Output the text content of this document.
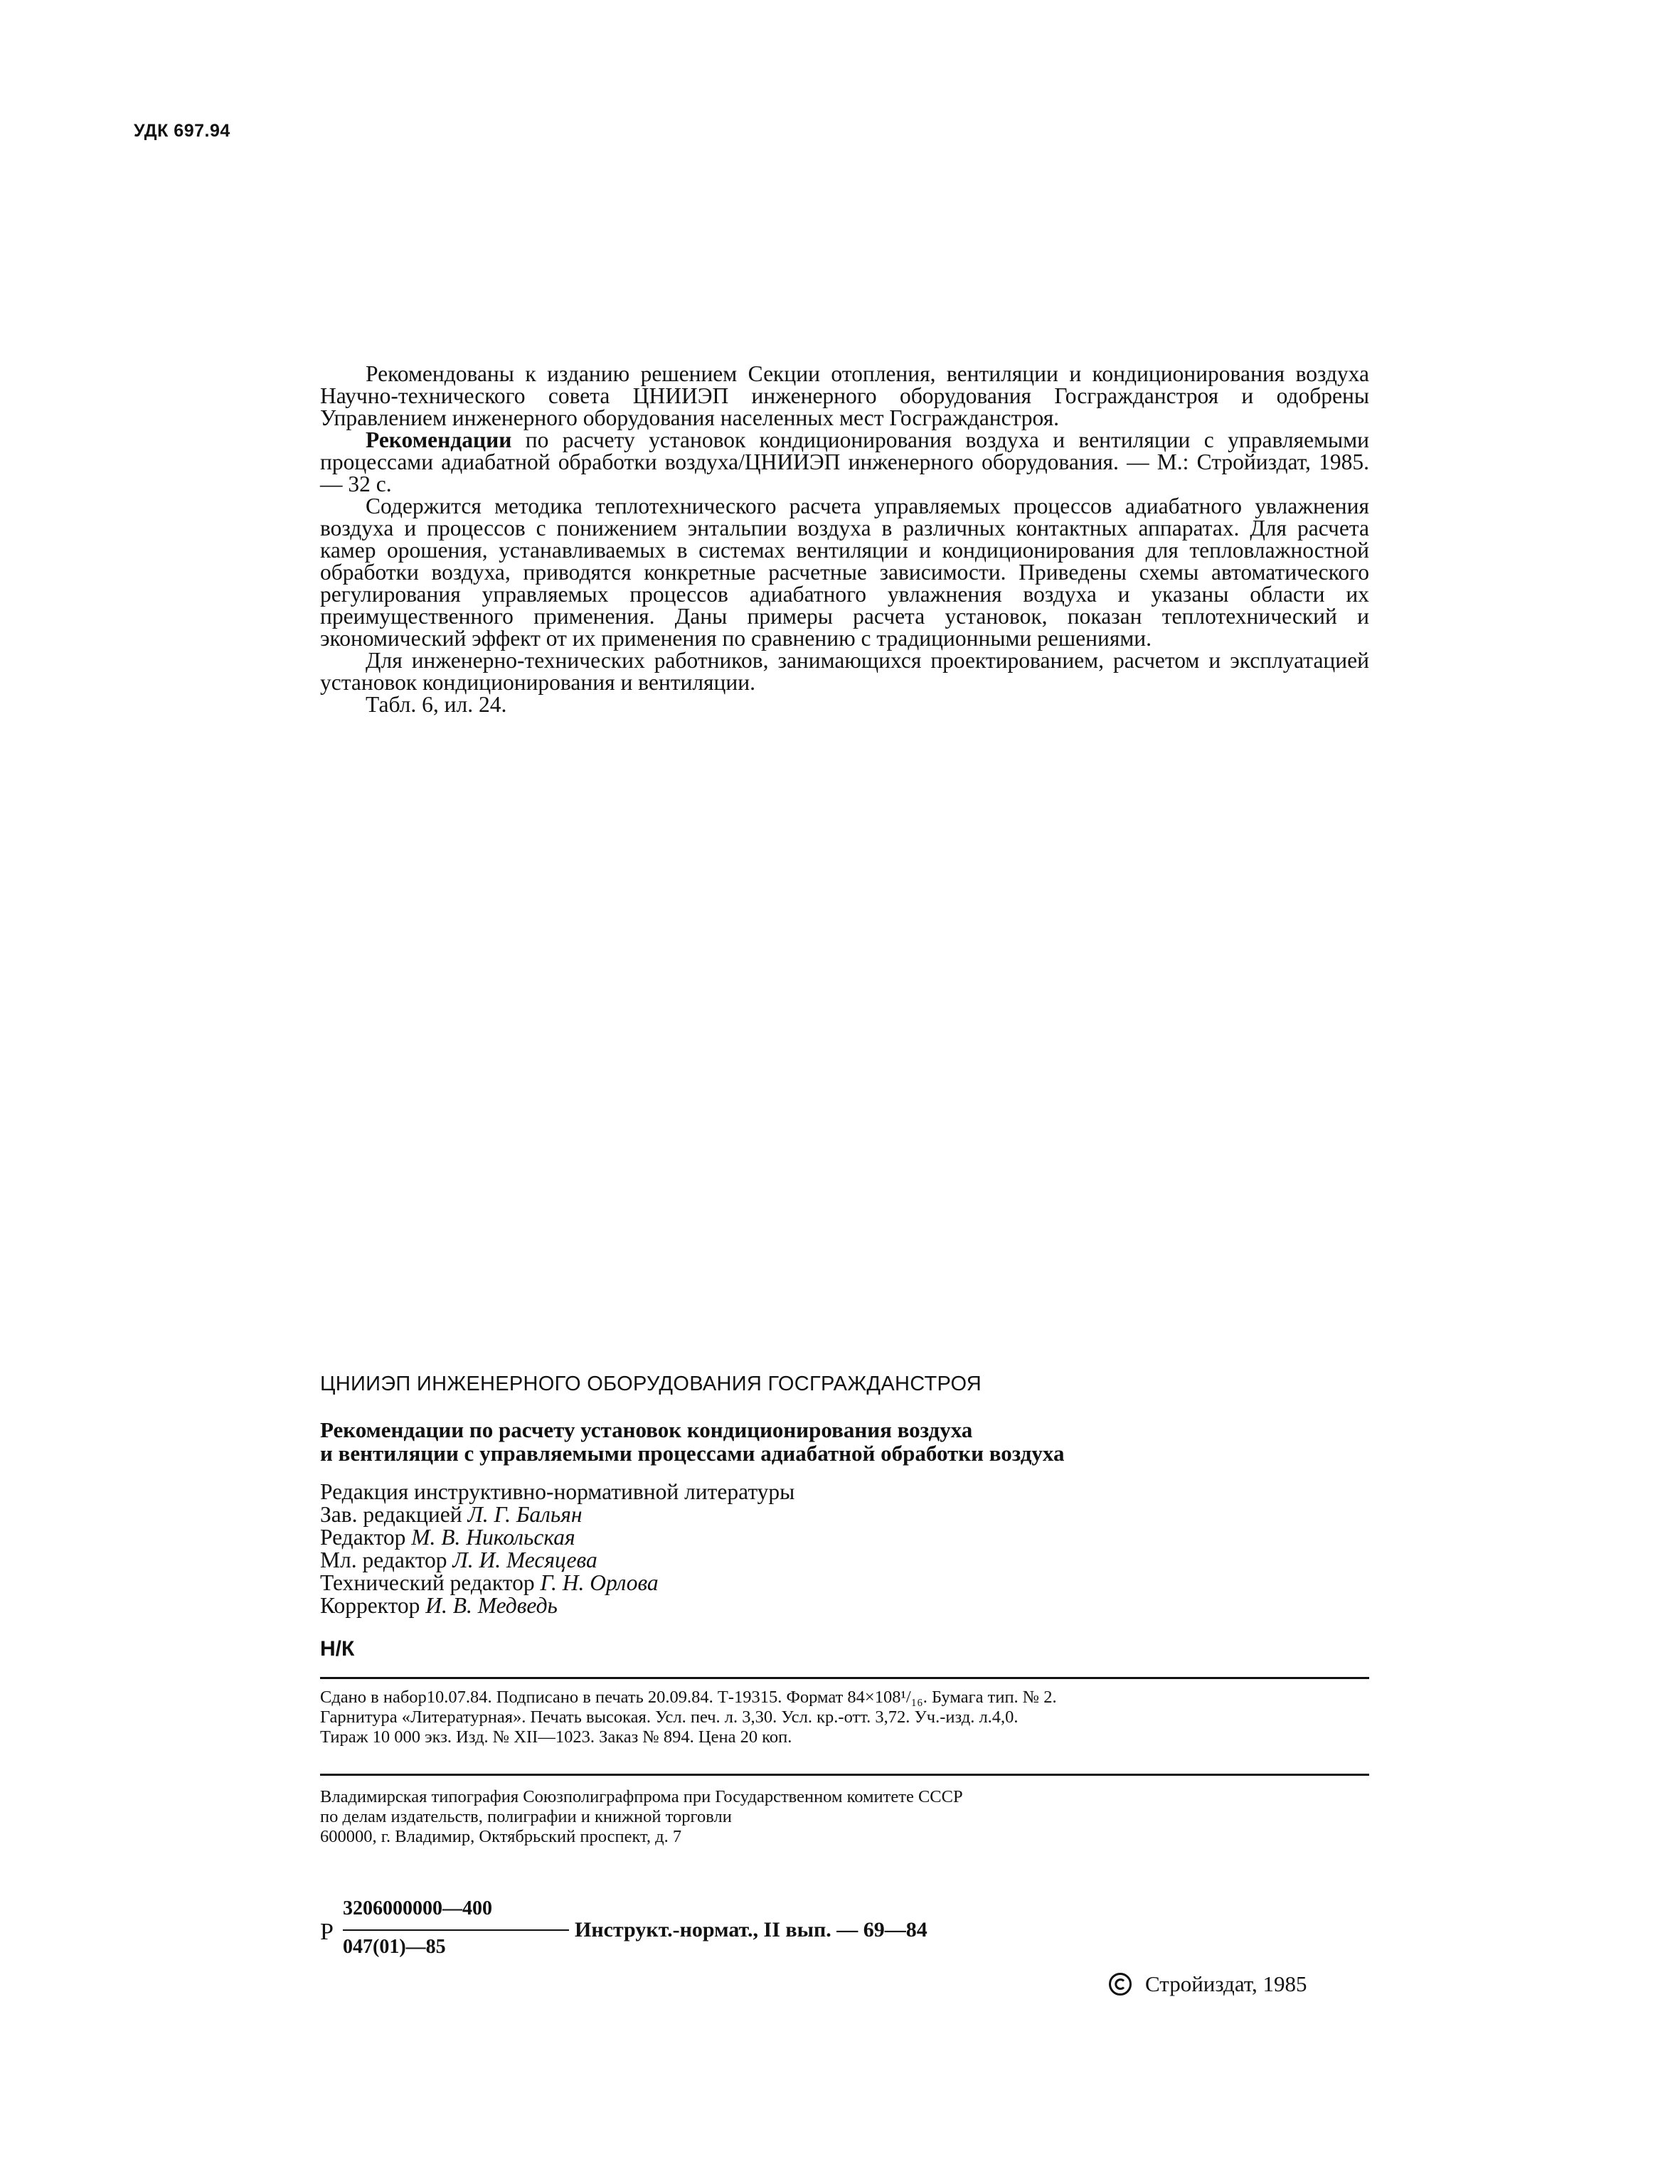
УДК 697.94

Рекомендованы к изданию решением Секции отопления, вентиляции и кондиционирования воздуха Научно-технического совета ЦНИИЭП инженерного оборудования Госгражданстроя и одобрены Управлением инженерного оборудования населенных мест Госгражданстроя.

Рекомендации по расчету установок кондиционирования воздуха и вентиляции с управляемыми процессами адиабатной обработки воздуха/ЦНИИЭП инженерного оборудования. — М.: Стройиздат, 1985. — 32 с.

Содержится методика теплотехнического расчета управляемых процессов адиабатного увлажнения воздуха и процессов с понижением энтальпии воздуха в различных контактных аппаратах. Для расчета камер орошения, устанавливаемых в системах вентиляции и кондиционирования для тепловлажностной обработки воздуха, приводятся конкретные расчетные зависимости. Приведены схемы автоматического регулирования управляемых процессов адиабатного увлажнения воздуха и указаны области их преимущественного применения. Даны примеры расчета установок, показан теплотехнический и экономический эффект от их применения по сравнению с традиционными решениями.

Для инженерно-технических работников, занимающихся проектированием, расчетом и эксплуатацией установок кондиционирования и вентиляции.

Табл. 6, ил. 24.

ЦНИИЭП ИНЖЕНЕРНОГО ОБОРУДОВАНИЯ ГОСГРАЖДАНСТРОЯ
Рекомендации по расчету установок кондиционирования воздуха
и вентиляции с управляемыми процессами адиабатной обработки воздуха
Редакция инструктивно-нормативной литературы
Зав. редакцией Л. Г. Бальян
Редактор М. В. Никольская
Мл. редактор Л. И. Месяцева
Технический редактор Г. Н. Орлова
Корректор И. В. Медведь
Н/К
Сдано в набор10.07.84. Подписано в печать 20.09.84. Т-19315. Формат 84×108¹/₁₆. Бумага тип. № 2.
Гарнитура «Литературная». Печать высокая. Усл. печ. л. 3,30. Усл. кр.-отт. 3,72. Уч.-изд. л.4,0.
Тираж 10 000 экз. Изд. № XII—1023. Заказ № 894. Цена 20 коп.
Владимирская типография Союзполиграфпрома при Государственном комитете СССР
по делам издательств, полиграфии и книжной торговли
600000, г. Владимир, Октябрьский проспект, д. 7
Р
3206000000—400
047(01)—85
Инструкт.-нормат., II вып. — 69—84
Стройиздат, 1985
